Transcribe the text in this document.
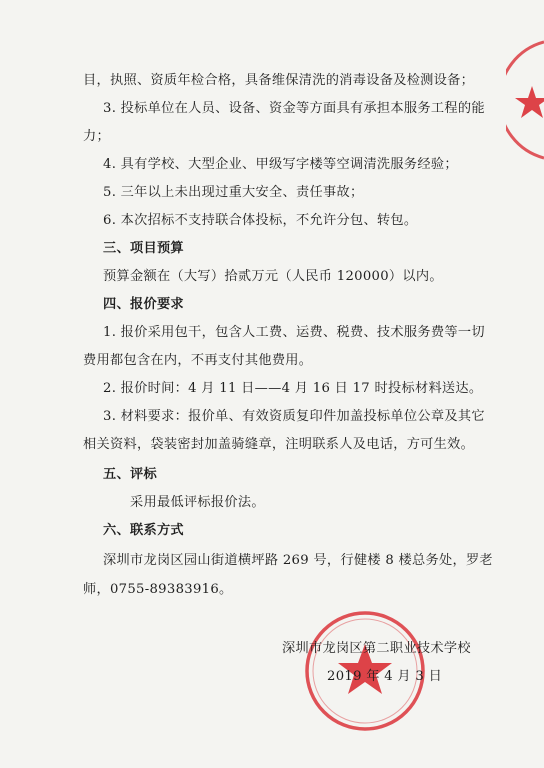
目，执照、资质年检合格，具备维保清洗的消毒设备及检测设备；
3. 投标单位在人员、设备、资金等方面具有承担本服务工程的能
力；
4. 具有学校、大型企业、甲级写字楼等空调清洗服务经验；
5. 三年以上未出现过重大安全、责任事故；
6. 本次招标不支持联合体投标，不允许分包、转包。
三、项目预算
预算金额在（大写）拾贰万元（人民币 120000）以内。
四、报价要求
1. 报价采用包干，包含人工费、运费、税费、技术服务费等一切
费用都包含在内，不再支付其他费用。
2. 报价时间：4 月 11 日——4 月 16 日 17 时投标材料送达。
3. 材料要求：报价单、有效资质复印件加盖投标单位公章及其它
相关资料，袋装密封加盖骑缝章，注明联系人及电话，方可生效。
五、评标
采用最低评标报价法。
六、联系方式
深圳市龙岗区园山街道横坪路 269 号，行健楼 8 楼总务处，罗老
师，0755-89383916。
深圳市龙岗区第二职业技术学校
2019 年 4 月 3 日
